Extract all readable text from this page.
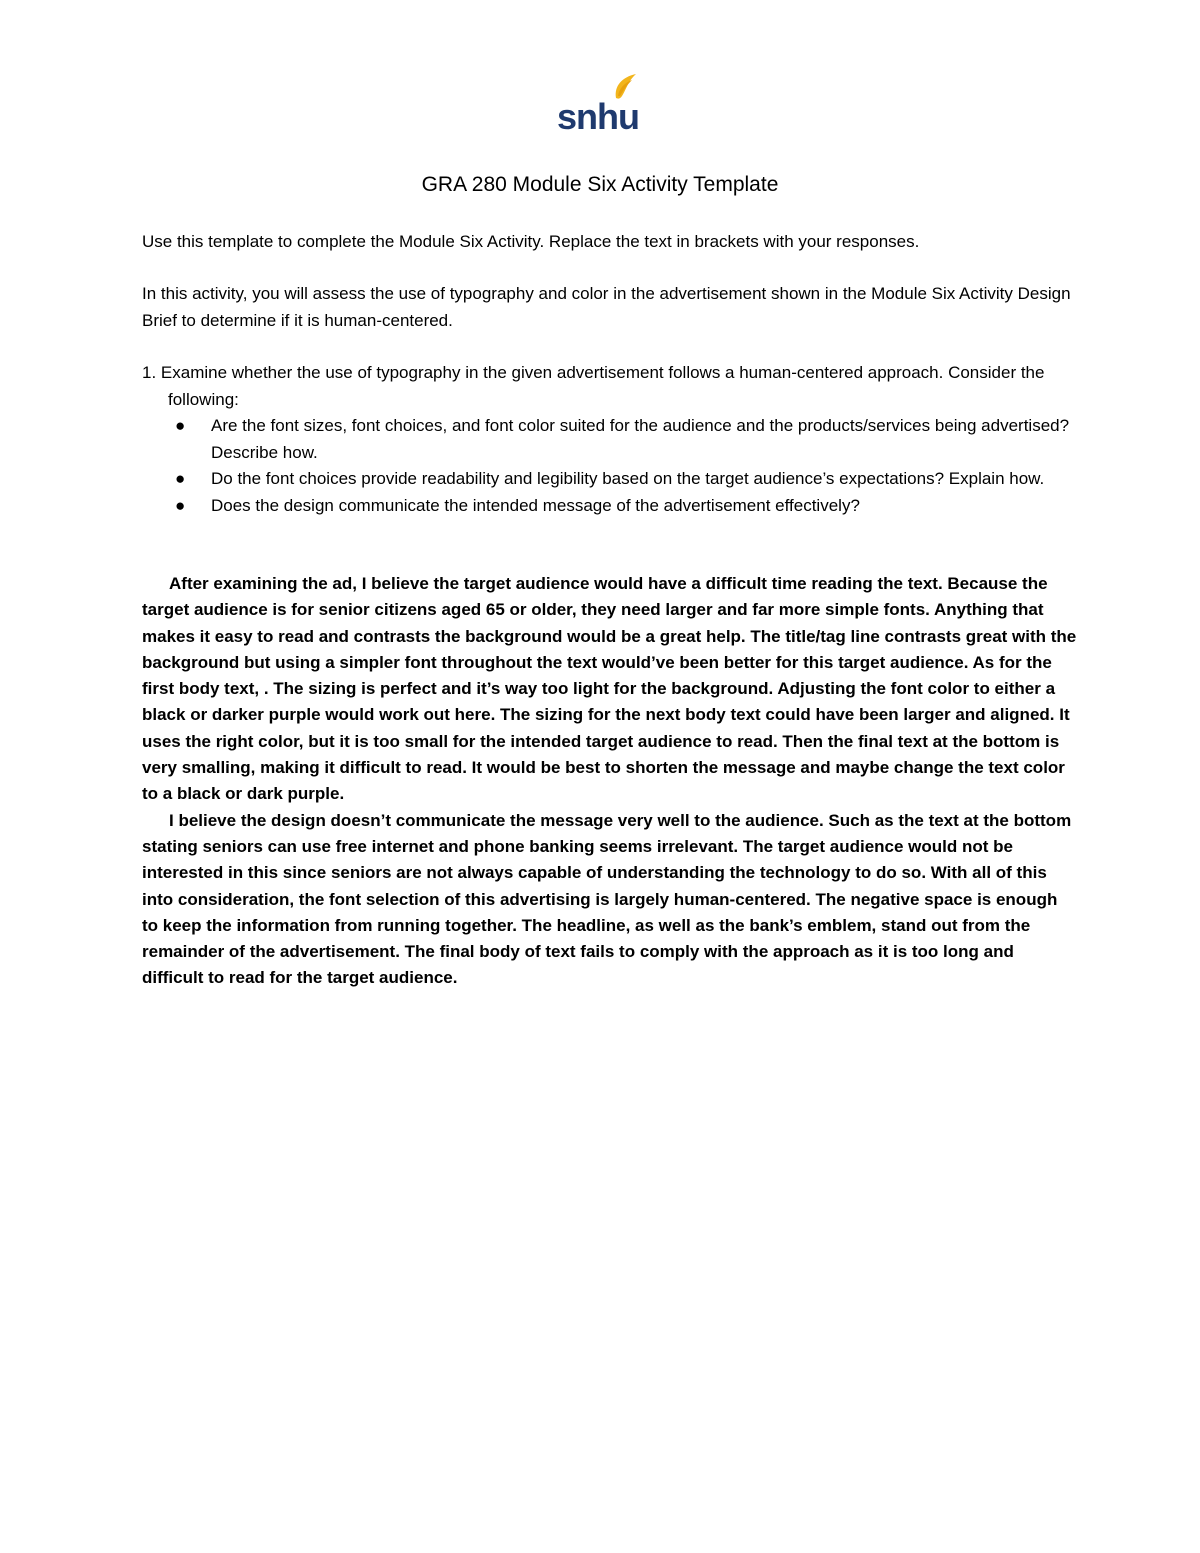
snhu
GRA 280 Module Six Activity Template

Use this template to complete the Module Six Activity. Replace the text in brackets with your responses.

In this activity, you will assess the use of typography and color in the advertisement shown in the Module Six Activity Design Brief to determine if it is human-centered.

1. Examine whether the use of typography in the given advertisement follows a human-centered approach. Consider the following:
● Are the font sizes, font choices, and font color suited for the audience and the products/services being advertised? Describe how.
● Do the font choices provide readability and legibility based on the target audience’s expectations? Explain how.
● Does the design communicate the intended message of the advertisement effectively?

After examining the ad, I believe the target audience would have a difficult time reading the text. Because the target audience is for senior citizens aged 65 or older, they need larger and far more simple fonts. Anything that makes it easy to read and contrasts the background would be a great help. The title/tag line contrasts great with the background but using a simpler font throughout the text would’ve been better for this target audience. As for the first body text, . The sizing is perfect and it’s way too light for the background. Adjusting the font color to either a black or darker purple would work out here. The sizing for the next body text could have been larger and aligned. It uses the right color, but it is too small for the intended target audience to read. Then the final text at the bottom is very smalling, making it difficult to read. It would be best to shorten the message and maybe change the text color to a black or dark purple.

I believe the design doesn’t communicate the message very well to the audience. Such as the text at the bottom stating seniors can use free internet and phone banking seems irrelevant. The target audience would not be interested in this since seniors are not always capable of understanding the technology to do so. With all of this into consideration, the font selection of this advertising is largely human-centered. The negative space is enough to keep the information from running together. The headline, as well as the bank’s emblem, stand out from the remainder of the advertisement. The final body of text fails to comply with the approach as it is too long and difficult to read for the target audience.
